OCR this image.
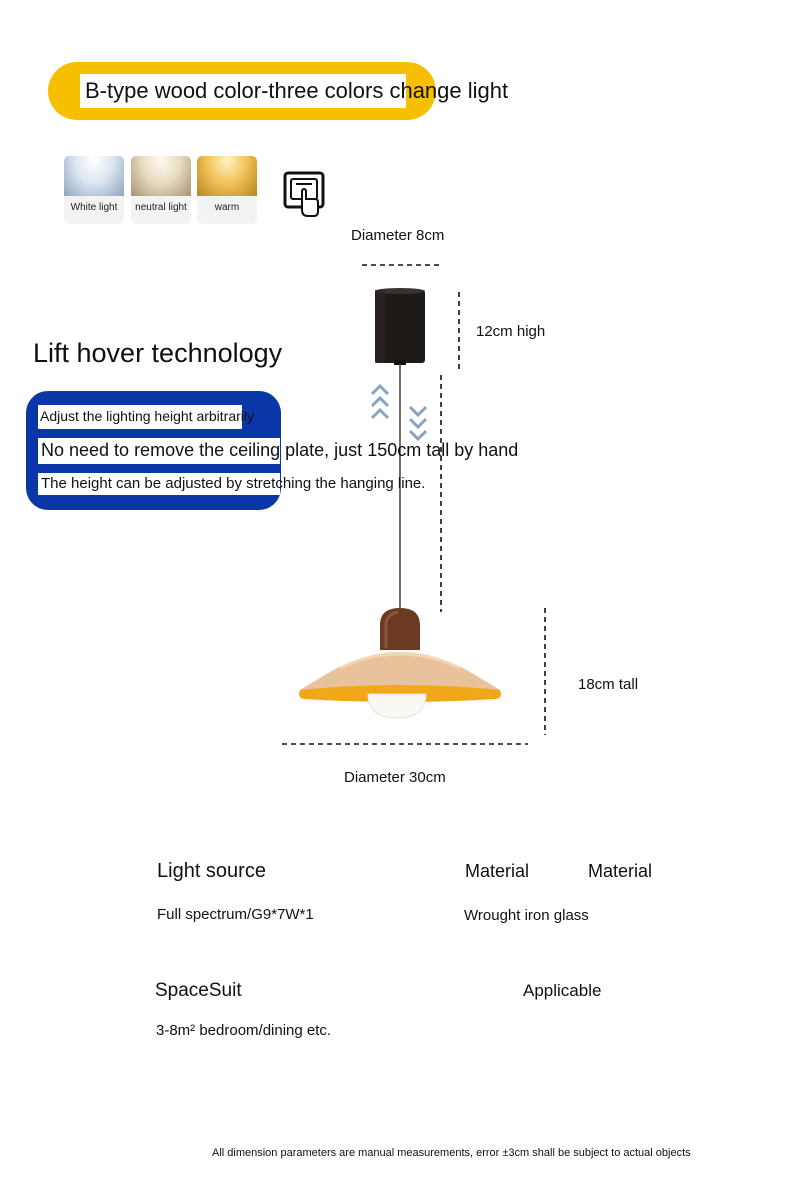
B-type wood color-three colors change light
White light	neutral light	warm
Diameter 8cm
12cm high
18cm tall
Diameter 30cm
Lift hover technology
Adjust the lighting height arbitrarily
No need to remove the ceiling plate, just 150cm tall by hand
The height can be adjusted by stretching the hanging line.
Light source	Material	Material
Full spectrum/G9*7W*1	Wrought iron glass
SpaceSuit	Applicable
3-8m² bedroom/dining etc.
All dimension parameters are manual measurements, error ±3cm shall be subject to actual objects
